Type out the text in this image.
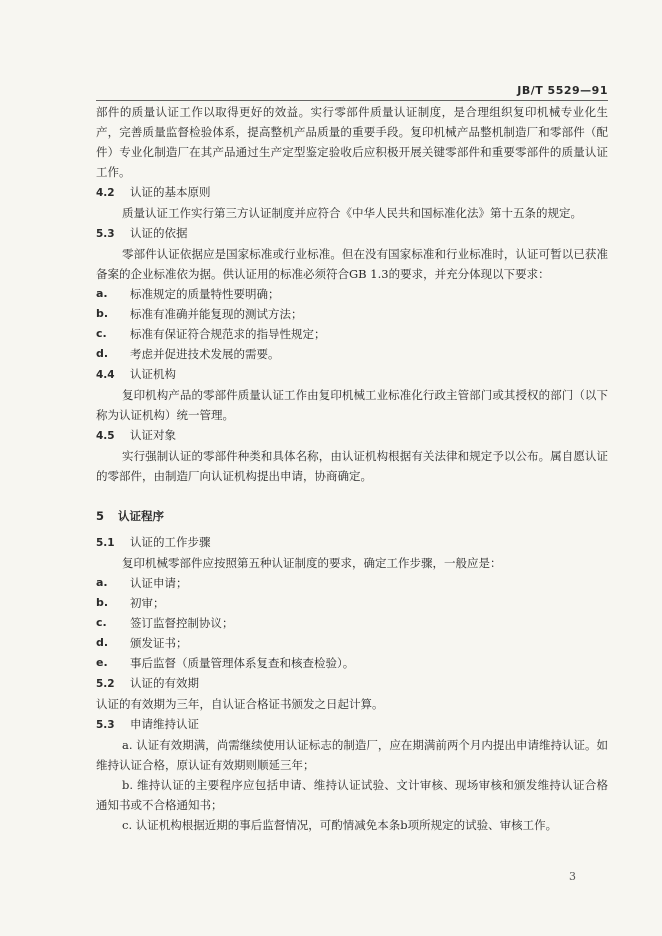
JB/T 5529—91

部件的质量认证工作以取得更好的效益。实行零部件质量认证制度，是合理组织复印机械专业化生产，完善质量监督检验体系，提高整机产品质量的重要手段。复印机械产品整机制造厂和零部件（配件）专业化制造厂在其产品通过生产定型鉴定验收后应积极开展关键零部件和重要零部件的质量认证工作。

4.2	认证的基本原则

质量认证工作实行第三方认证制度并应符合《中华人民共和国标准化法》第十五条的规定。

5.3	认证的依据

零部件认证依据应是国家标准或行业标准。但在没有国家标准和行业标准时，认证可暂以已获准备案的企业标准依为据。供认证用的标准必须符合GB 1.3的要求，并充分体现以下要求：

a.	标准规定的质量特性要明确；
b.	标准有准确并能复现的测试方法；
c.	标准有保证符合规范求的指导性规定；
d.	考虑并促进技术发展的需要。
4.4	认证机构

复印机构产品的零部件质量认证工作由复印机械工业标准化行政主管部门或其授权的部门（以下称为认证机构）统一管理。

4.5	认证对象

实行强制认证的零部件种类和具体名称，由认证机构根据有关法律和规定予以公布。属自愿认证的零部件，由制造厂向认证机构提出申请，协商确定。

5	认证程序
5.1	认证的工作步骤

复印机械零部件应按照第五种认证制度的要求，确定工作步骤，一般应是：

a.	认证申请；
b.	初审；
c.	签订监督控制协议；
d.	颁发证书；
e.	事后监督（质量管理体系复查和核查检验）。
5.2	认证的有效期

认证的有效期为三年，自认证合格证书颁发之日起计算。

5.3	申请维持认证

a. 认证有效期满，尚需继续使用认证标志的制造厂，应在期满前两个月内提出申请维持认证。如维持认证合格，原认证有效期则顺延三年；

b. 维持认证的主要程序应包括申请、维持认证试验、文计审核、现场审核和颁发维持认证合格通知书或不合格通知书；

c. 认证机构根据近期的事后监督情况，可酌情减免本条b项所规定的试验、审核工作。

3
